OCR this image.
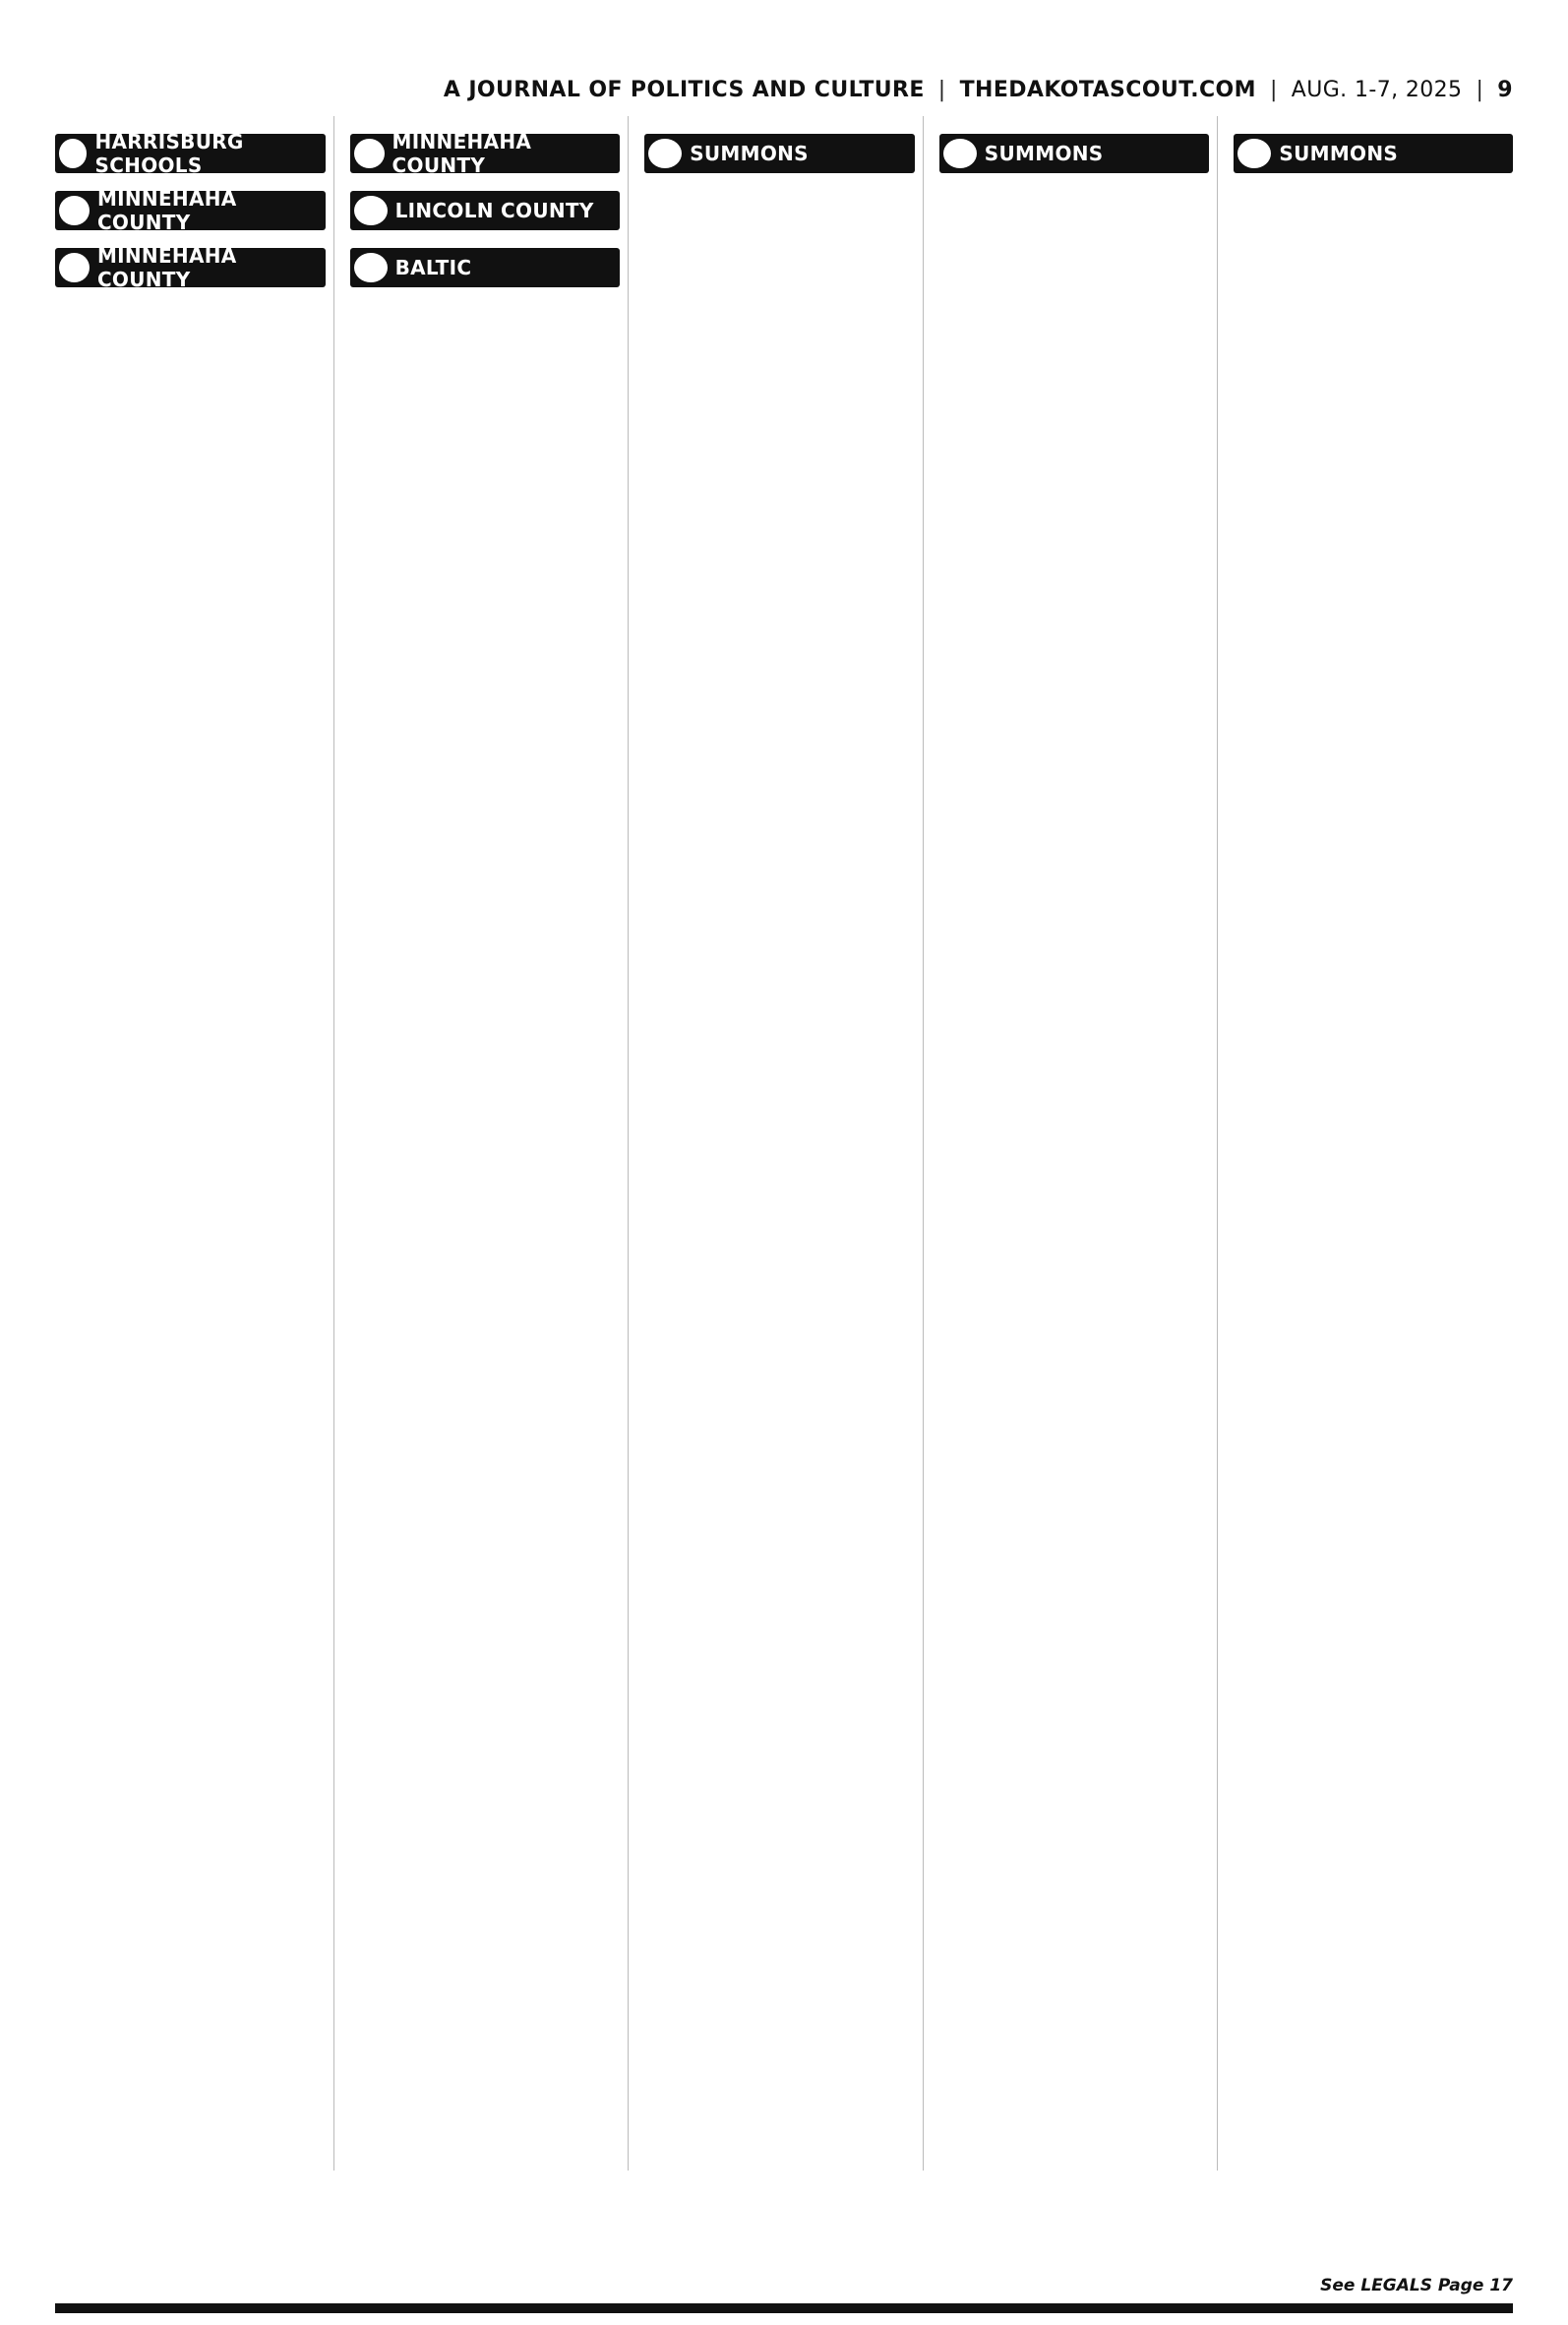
A JOURNAL OF POLITICS AND CULTURE | THEDAKOTASCOUT.COM | AUG. 1-7, 2025 | 9
HARRISBURG SCHOOLS
MINNEHAHA COUNTY
MINNEHAHA COUNTY
MINNEHAHA COUNTY
LINCOLN COUNTY
BALTIC
SUMMONS	SUMMONS	SUMMONS
See LEGALS Page 17
